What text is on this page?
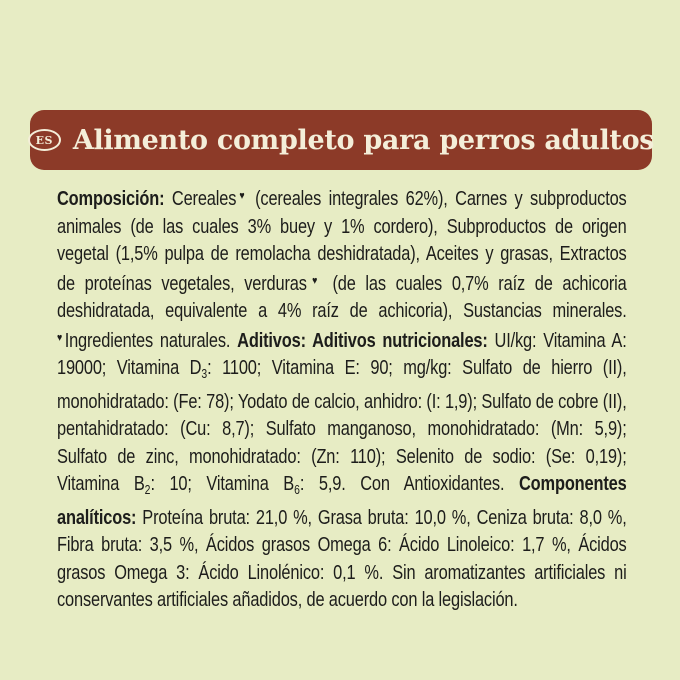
ES Alimento completo para perros adultos
Composición: Cereales♥ (cereales integrales 62%), Carnes y subproductos animales (de las cuales 3% buey y 1% cordero), Subproductos de origen vegetal (1,5% pulpa de remolacha deshidratada), Aceites y grasas, Extractos de proteínas vegetales, verduras♥ (de las cuales 0,7% raíz de achicoria deshidratada, equivalente a 4% raíz de achicoria), Sustancias minerales. ♥Ingredientes naturales. Aditivos: Aditivos nutricionales: UI/kg: Vitamina A: 19000; Vitamina $D_3$: 1100; Vitamina E: 90; mg/kg: Sulfato de hierro (II), monohidratado: (Fe: 78); Yodato de calcio, anhidro: (I: 1,9); Sulfato de cobre (II), pentahidratado: (Cu: 8,7); Sulfato manganoso, monohidratado: (Mn: 5,9); Sulfato de zinc, monohidratado: (Zn: 110); Selenito de sodio: (Se: 0,19); Vitamina $B_2$: 10; Vitamina $B_6$: 5,9. Con Antioxidantes. Componentes analíticos: Proteína bruta: 21,0 %, Grasa bruta: 10,0 %, Ceniza bruta: 8,0 %, Fibra bruta: 3,5 %, Ácidos grasos Omega 6: Ácido Linoleico: 1,7 %, Ácidos grasos Omega 3: Ácido Linolénico: 0,1 %. Sin aromatizantes artificiales ni conservantes artificiales añadidos, de acuerdo con la legislación.
